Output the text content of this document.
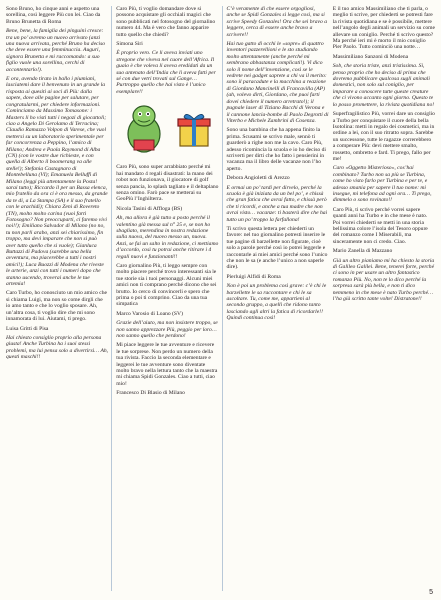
Sono Bruno, ho cinque anni e aspetto una sorellina, così leggere Più con lei. Ciao da Bruno Brunetta di Roma

Bene, bene, la famiglia dei pinguini cresce: tra un po’ avremo un nuovo arrivato (anzi una nuova arrivata, perché Bruno ha deciso che deve essere una femminuccia. Auguri, signora Brunetta e mi raccomando: a suo figlio vuole una sorellina, cerchi di accontentarlo!).

E ora, avendo tirato in ballo i piumiani, lasciatemi dare il benvenuto in un grande la risposta ai quesiti ai soci di Più: dalla sapete, dove alle pagine per salutare, per congratularmi, per chiedere informazioni. Cominciamo da Massimo Tomasone: i Masters li ho visti tutti i negozi di giocattoli; ciao a Angelo Di Gerolamo di Terracina; Claudio Ramazzo Volpon di Varese, che vuol mettersi su un laboratorio sperimentale per far concorrenza a Peppino, l’amico di Milano; Andrea e Paola Raymond di Alba (CN) (con le vostre due richieste, e con quella di Alberto il boomerang va alle stelle!); Stefania Castagnaro di Montebelluna (VI); Emanuela Belluffi di Milano (leggi più attentamente la Posta! sarai tutto); Riccardo il per un Bassa elenca, mio fratello da ora ci è ora messo, da grande da te di, a La Stampa (SA) e il suo fratello con le arachidi); Chiara Zeni di Rovereto (TN), molto molto carina (vuoi farti Fotosogno? Non preoccuparti, ci faremo vivi noi!!); Emiliano Salvador di Milano (no no, tu non parli arabo, anzi sei chiarissimo, fin troppo, ma devi imparare che non si può aver tutto quello che si vuole); Gianluca Buttazzi di Padova (sarebbe una bella avventura, ma piacerebbe a tutti i nostri amici!); Luca Buozzi di Modena che riveste le arterie, anzi con tutti i numeri dopo che stanno uscendo, troverai anche le tue artemia!

Caro Turbo, ho conosciuto un mio amico che si chiama Luigi, ma non so come dirgli che io amo tanto e che lo voglio sposare. Ah, un’altra cosa, ti voglio dire che mi sono innamorata di lui. Aiutami, ti prego.

Luisa Gritti di Pisa

Hai chiesto consiglio proprio alla persona giusta! Anche Turbina ha i suoi stessi problemi, ma lui pensa solo a divertirsi… Ah, questi maschi!!

Caro Più, ti voglio domandare dove si possono acquistare gli occhiali magici che sono pubblicati nel fotosogno del giornalino numero 44. Ma è vero che fanno apparire tutto quello che chiedi?

Simona Siri

È proprio vero. Ce li aveva inviati uno stregone che viveva nel cuore dell’Africa. Il guaio è che voleva li aveva eredidati da un suo antenato dell’India che li aveva fatti per sé con due vetri trovati sul Gange… Purtroppo quello che hai visto è l’unico esemplare!!

Caro Più, sono super arrabbiato perché mi hai mandato 4 regali disastrati: la mano dei robot non funzionava, il giocatore di golf senza pancia, lo splash tagliato e il deltaplano senza omino. Farò pace se metterai su GeoPiù l’Inghilterra.

Nicola Tasini di Affloga (BS)

Ah, ma allora è già tutto a posto perché il valentino già messa sul n° 25 e, se non ho sbagliato, merendina in nostra redazione sulla nuova, del nuovo messo un, nuova. Anzi, se fai un salto in redazione, ci mettiamo d’accordo, così tu potrai anche ritirare i 4 regali nuovi e funzionanti!!

Caro giornalino Più, ti leggo sempre con molto piacere perché trovo interessanti sia le tue storie sia i tuoi personaggi. Alcuni miei amici non ti comprano perché dicono che sei brutto. Io cerco di convincerli e spero che prima o poi ti comprino. Ciao da una tua simpatica

Marco Varosio di Loano (SV)

Grazie dell’aiuto, ma non insistere troppo, se non sanno apprezzare Più, peggio per loro… non sanno quello che perdono!

Mi piace leggere le tue avventure e ricevere le tue sorprese. Non perdo un numero della tua rivista. Faccio la seconda elementare e leggerei le tue avventure sono diventate molto bravo nella lettura tanto che la maestra mi chiama Spidi Gonzales. Ciao a tutti, ciao mio!

Francesco Di Blasio di Milano

C’è veramente di che essere orgogliosi, anche se Spidi Gonzales si legge così, ma si scrive Speedy Gonzales! Ora che sei bravo a leggere, cerca di essere anche bravo a scrivere!!

Hai tuo gatto di occhi le «sopre» di quattro inventori pazzerellioni e le sto studiando molto attentamente (anche perché mi sembrano abbastanza complicati!). Vi dico solo il nome dell’invenzione, così se le vedrete nei gadget saprete a chi va il merito: sono il paracadute e la macchina a reazione di Giordano Mancinelli di Francavilla (AP) (ah, volevo dirti, Giordano, che puoi farti dovei chiedere il numero arretrato!); il pugnale laser di Tiziano Bacchi di Verona e il cannone lancia-bombe di Paolo Degrotti di Viterbo e Michele Zambrini di Cosenza.

Sono una bambina che ha appena finito la prima. Scusami se scrivo male, sennò ti guarderò a righe non me la cavo. Caro Più, adesso ricomincia la scuola e io ho deciso di scriverti per dirti che ho fatto i pensierini in vacanza ma il libro delle vacanze non l’ho aperto.

Debora Angioletti di Arezzo

E ormai un po’ tardi per dirvelo, perché la scuola è già iniziata da un bel po’, e chissà che gran fatica che avrai fatto, e chissà però che ti ricordi, e anche a tua madre che non avrai visto… vacanze: ti basterà dire che hai tutto un po’ troppo la farfallona!

Ti scrivo questa lettera per chiederti un favore: nel tuo giornalino potresti inserire le tue pagine di barzellette non figurate, cioè solo a parole perché così io potrei leggerle e raccontarle ai miei amici perché sono l’unico che non le sa (e anche l’unico a non saperle dire).

Pierluigi Alfidi di Roma

Non è poi un problema così grave: c’è chi le barzellette le sa raccontare e chi le sa ascoltare. Tu, come me, appartieni al secondo gruppo, a quelli che ridono tanto lasciando agli altri la fatica di ricordarle!! Quindi continua così!

E il tuo amico Massimiliano che ti parla, o meglio ti scrive, per chiederti se potresti fare la rivista quotidiana e se è possibile, mettere nell’angolo degli animali un servizio su come allevare un coniglio. Perché ti scrivo questo? Ma perché ieri mi è morto il mio coniglio Pier Paolo. Tutto cominciò una notte…

Massimiliano Sanzoni di Modena

Sob, che storia triste, anzi tristissima. Sì, penso proprio che ho deciso di prima che dovremo pubblicare qualcosa sugli animali domestici, non solo sul coniglio, per imparare a conoscere tutte queste creature che ci vivono accanto ogni giorno. Questo te lo posso promettere, la rivista quotidiana no!

Superfragilistico Più, vorrei dare un consiglio a Turbo per conquistare il cuore della bella Isotolina: metti in regalo dei cosmetici, ma in ordine a lei, con il suo ritratto sopra. Sarebbe un successone, tutte le ragazze correrebbero a comperare Più: devi mettere smalto, rossetto, ombretto e fard. Ti prego, fallo per me!

Caro «Oggetto Misterioso», cos’hai combinato? Turbo non sa più se Turbina, come ho visto farlo per Turbina e per te, e adesso smania per sapere il tuo nome: mi insegue, mi telefona ad ogni ora… Ti prego, dimmelo o sono rovinato!!

Caro Più, ti scrivo perché vorrei sapere quanti anni ha Turbo e in che mese è nato. Poi vorrei chiederti se metti in una storia bellissima colore l’isola del Tesoro oppure del romanzo come I Miserabili, ma sinceramente non ci credo. Ciao.

Mario Zanella di Mazzano

Già un altro pianiamo mi ha chiesto la storia di Galileo Galilei. Bene, tenerei forte, perché ci sono in per usare un altro fantastico romanzo Più. No, non te lo dico perché la sorpresa sarà più bella, e non ti dico nemmeno in che mese è nato Turbo perché… l’ha già scritto tante volte! Distratone!!

5
